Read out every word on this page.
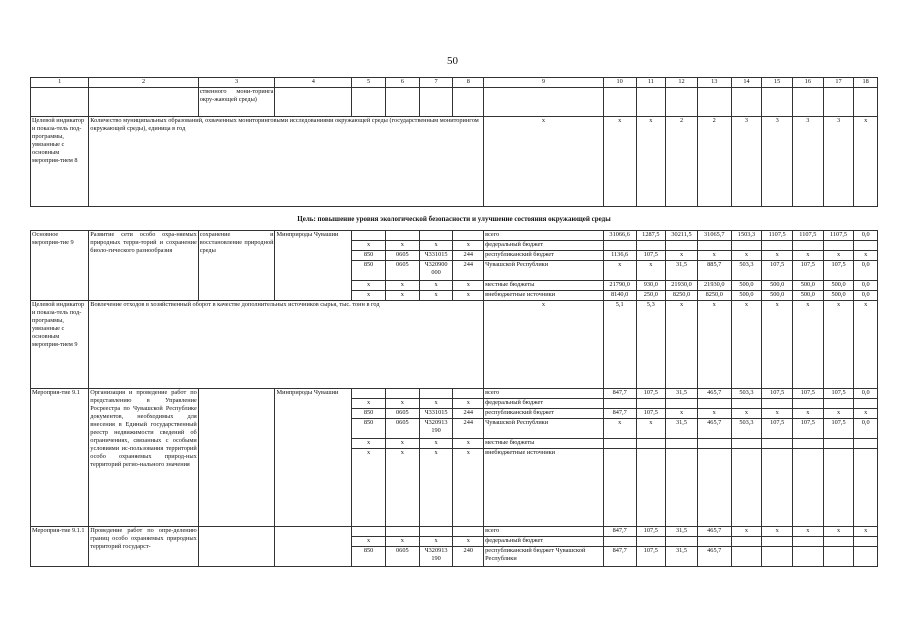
50
1	2	3	4	5	6	7	8	9	10	11	12	13	14	15	16	17	18
		ственного мони-торинга окру-жающей среды)															
Целевой индикатор и показа-тель под-программы, увязанные с основным мероприя-тием 8	Количество муниципальных образований, охваченных мониторинговыми исследованиями окружающей среды (государственным мониторингом окружающей среды), единица в год							x	x	x	2	2	3	3	3	3	x
Цель: повышение уровня экологической безопасности и улучшение состояния окружающей среды																	
Основное мероприя-тие 9	Развитие сети особо охра-няемых природных терри-торий и сохранение биоло-гического разнообразия	сохранение и восстановление природной среды	Минприроды Чувашии					всего	31066,6	1287,5	30211,5	31065,7	1503,3	1107,5	1107,5	1107,5	0,0
				x	x	x	x	федеральный бюджет									
				850	0605	Ч331015	244	республиканский бюджет	1136,6	107,5	x	x	x	x	x	x	x
				850	0605	Ч320900 000	244	Чувашской Республики	x	x	31,5	885,7	503,3	107,5	107,5	107,5	0,0
				x	x	x	x	местные бюджеты	21790,0	930,0	21930,0	21930,0	500,0	500,0	500,0	500,0	0,0
				x	x	x	x	внебюджетные источники	8140,0	250,0	8250,0	8250,0	500,0	500,0	500,0	500,0	0,0
Целевой индикатор и показа-тель под-программы, увязанные с основным мероприя-тием 9	Вовлечение отходов в хозяйственный оборот в качестве дополнительных источников сырья, тыс. тонн в год							x	5,1	5,3	x	x	x	x	x	x	x
Мероприя-тие 9.1	Организация и проведение работ по представлению в Управление Росреестра по Чувашской Республике документов, необходимых для внесения в Единый государственный реестр недвижимости сведений об ограничениях, связанных с особыми условиями ис-пользования территорий особо охраняемых природ-ных территорий регио-нального значения		Минприроды Чувашии					всего	847,7	107,5	31,5	465,7	503,3	107,5	107,5	107,5	0,0
				x	x	x	x	федеральный бюджет									
				850	0605	Ч331015	244	республиканский бюджет	847,7	107,5	x	x	x	x	x	x	x
				850	0605	Ч320913 190	244	Чувашской Республики	x	x	31,5	465,7	503,3	107,5	107,5	107,5	0,0
				x	x	x	x	местные бюджеты									
				x	x	x	x	внебюджетные источники									
Мероприя-тие 9.1.1	Проведение работ по опре-делению границ особо охраняемых природных территорий государст-							всего	847,7	107,5	31,5	465,7	x	x	x	x	x
				x	x	x	x	федеральный бюджет									
				850	0605	Ч320913 190	240	республиканский бюджет Чувашской Республики	847,7	107,5	31,5	465,7					
